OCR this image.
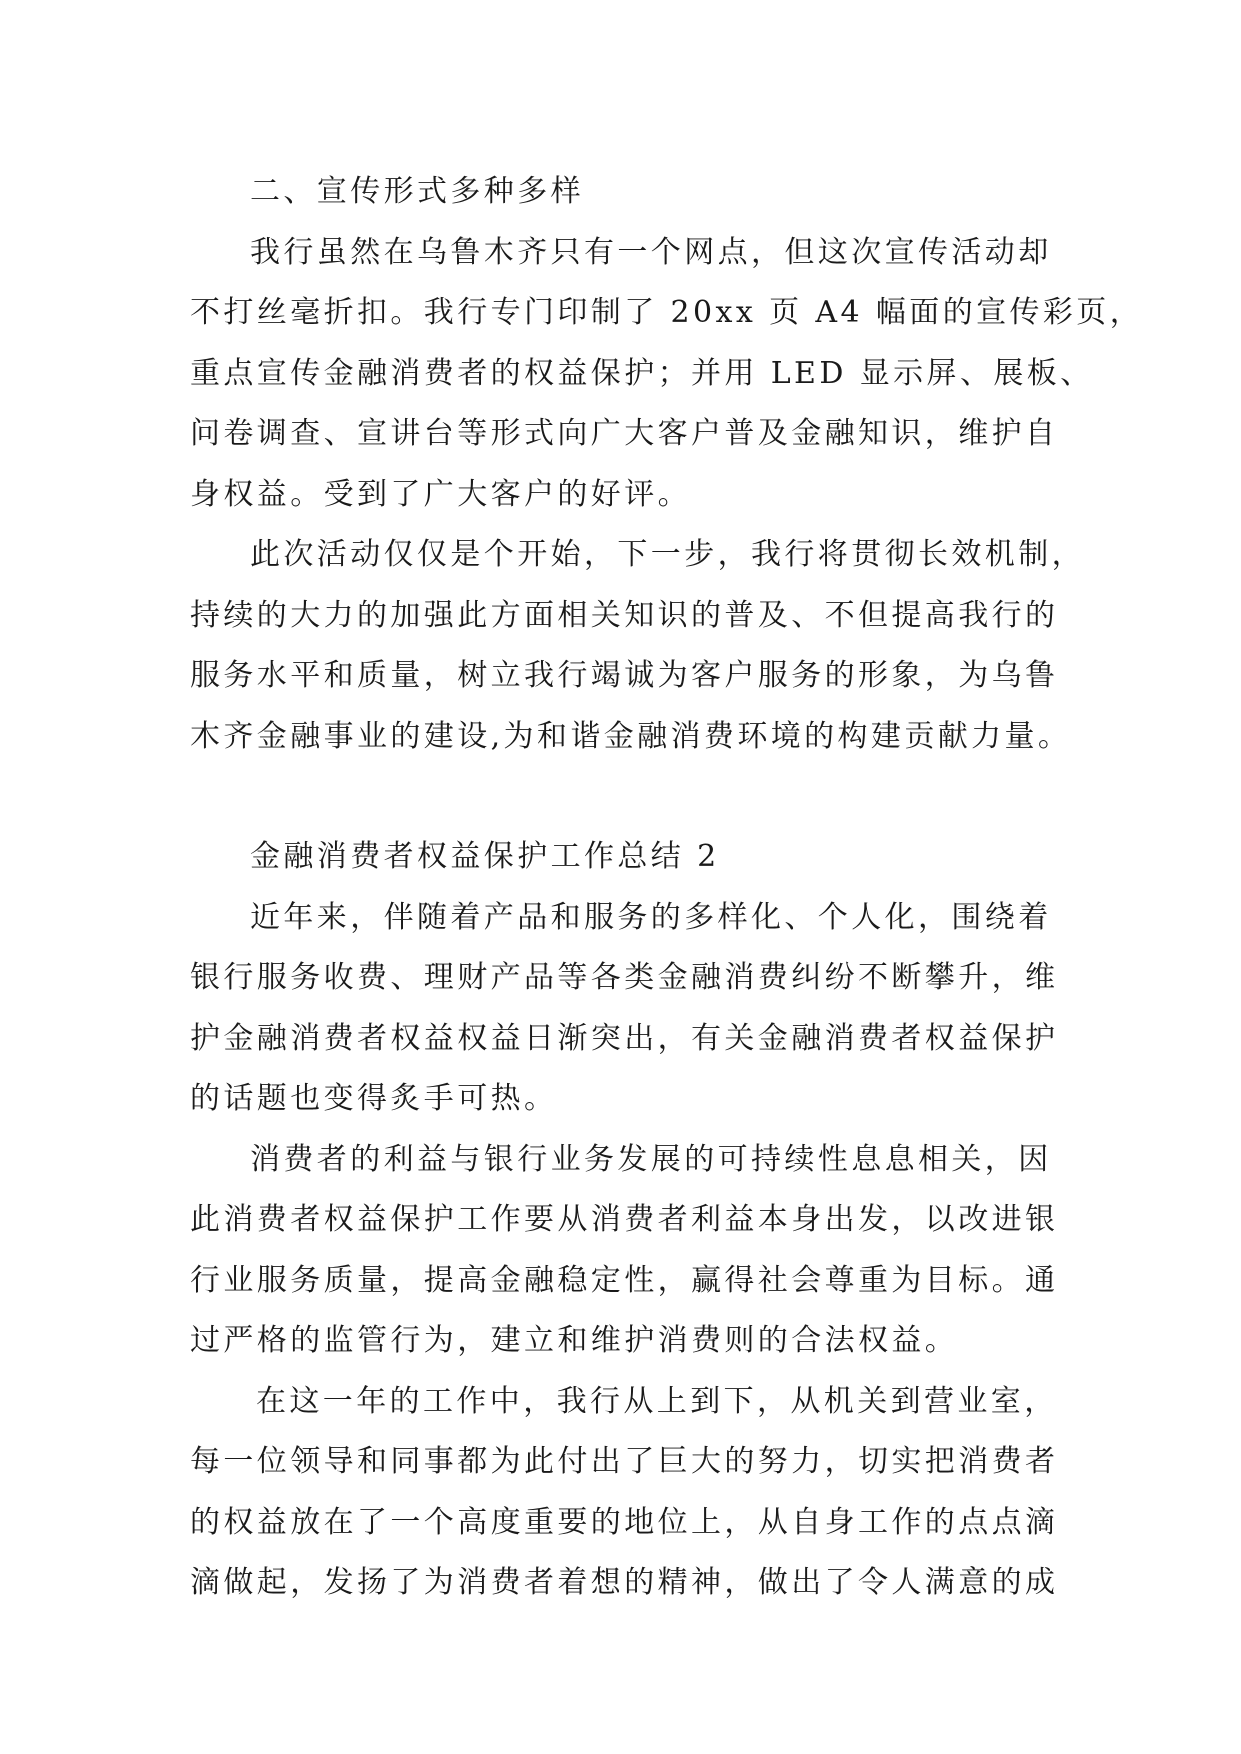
二、宣传形式多种多样
我行虽然在乌鲁木齐只有一个网点，但这次宣传活动却
不打丝毫折扣。我行专门印制了 20xx 页 A4 幅面的宣传彩页，
重点宣传金融消费者的权益保护；并用 LED 显示屏、展板、
问卷调查、宣讲台等形式向广大客户普及金融知识，维护自
身权益。受到了广大客户的好评。
此次活动仅仅是个开始，下一步，我行将贯彻长效机制，
持续的大力的加强此方面相关知识的普及、不但提高我行的
服务水平和质量，树立我行竭诚为客户服务的形象，为乌鲁
木齐金融事业的建设,为和谐金融消费环境的构建贡献力量。
金融消费者权益保护工作总结 2
近年来，伴随着产品和服务的多样化、个人化，围绕着
银行服务收费、理财产品等各类金融消费纠纷不断攀升，维
护金融消费者权益权益日渐突出，有关金融消费者权益保护
的话题也变得炙手可热。
消费者的利益与银行业务发展的可持续性息息相关，因
此消费者权益保护工作要从消费者利益本身出发，以改进银
行业服务质量，提高金融稳定性，赢得社会尊重为目标。通
过严格的监管行为，建立和维护消费则的合法权益。
在这一年的工作中，我行从上到下，从机关到营业室，
每一位领导和同事都为此付出了巨大的努力，切实把消费者
的权益放在了一个高度重要的地位上，从自身工作的点点滴
滴做起，发扬了为消费者着想的精神，做出了令人满意的成
